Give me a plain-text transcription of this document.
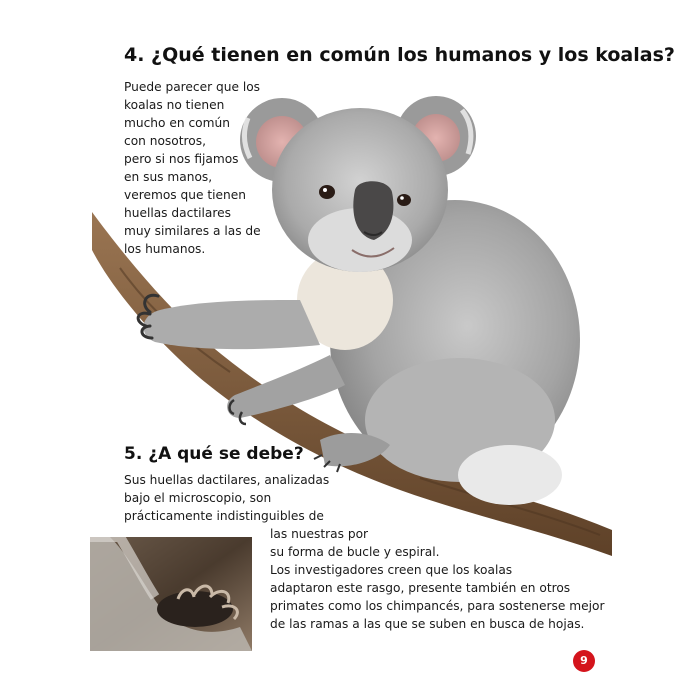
4. ¿Qué tienen en común los humanos y los koalas?
Puede parecer que los
koalas no tienen
mucho en común
con nosotros,
pero si nos fijamos
en sus manos,
veremos que tienen
huellas dactilares
muy similares a las de
los humanos.
5. ¿A qué se debe?
Sus huellas dactilares, analizadas
bajo el microscopio, son
prácticamente indistinguibles de
las nuestras por
su forma de bucle y espiral.
Los investigadores creen que los koalas
adaptaron este rasgo, presente también en otros
primates como los chimpancés, para sostenerse mejor
de las ramas a las que se suben en busca de hojas.
9
